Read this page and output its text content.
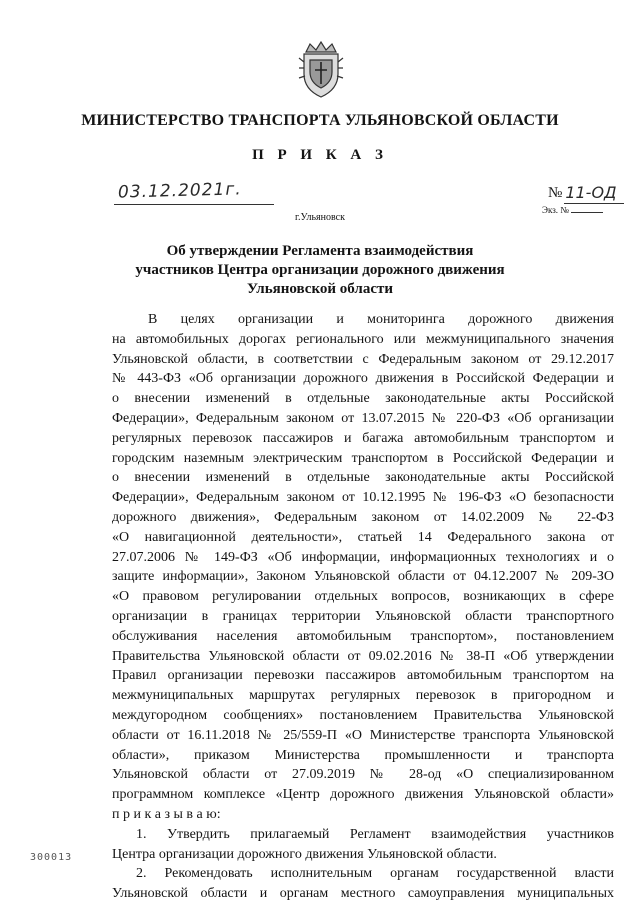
МИНИСТЕРСТВО ТРАНСПОРТА УЛЬЯНОВСКОЙ ОБЛАСТИ
П Р И К А З
03.12.2021г.	№ 11-ОД
Экз. №
г.Ульяновск
Об утверждении Регламента взаимодействия
участников Центра организации дорожного движения
Ульяновской области
В целях организации и мониторинга дорожного движения
на автомобильных дорогах регионального или межмуниципального значения
Ульяновской области, в соответствии с Федеральным законом от 29.12.2017
№ 443-ФЗ «Об организации дорожного движения в Российской Федерации и
о внесении изменений в отдельные законодательные акты Российской
Федерации», Федеральным законом от 13.07.2015 № 220-ФЗ «Об организации
регулярных перевозок пассажиров и багажа автомобильным транспортом и
городским наземным электрическим транспортом в Российской Федерации и
о внесении изменений в отдельные законодательные акты Российской
Федерации», Федеральным законом от 10.12.1995 № 196-ФЗ «О безопасности
дорожного движения», Федеральным законом от 14.02.2009 № 22-ФЗ
«О навигационной деятельности», статьей 14 Федерального закона от
27.07.2006 № 149-ФЗ «Об информации, информационных технологиях и о
защите информации», Законом Ульяновской области от 04.12.2007 № 209-ЗО
«О правовом регулировании отдельных вопросов, возникающих в сфере
организации в границах территории Ульяновской области транспортного
обслуживания населения автомобильным транспортом», постановлением
Правительства Ульяновской области от 09.02.2016 № 38-П «Об утверждении
Правил организации перевозки пассажиров автомобильным транспортом на
межмуниципальных маршрутах регулярных перевозок в пригородном и
междугородном сообщениях» постановлением Правительства Ульяновской
области от 16.11.2018 № 25/559-П «О Министерстве транспорта Ульяновской
области», приказом Министерства промышленности и транспорта
Ульяновской области от 27.09.2019 № 28-од «О специализированном
программном комплексе «Центр дорожного движения Ульяновской области»
п р и к а з ы в а ю:
1. Утвердить прилагаемый Регламент взаимодействия участников
Центра организации дорожного движения Ульяновской области.
2. Рекомендовать исполнительным органам государственной власти
Ульяновской области и органам местного самоуправления муниципальных
300013
